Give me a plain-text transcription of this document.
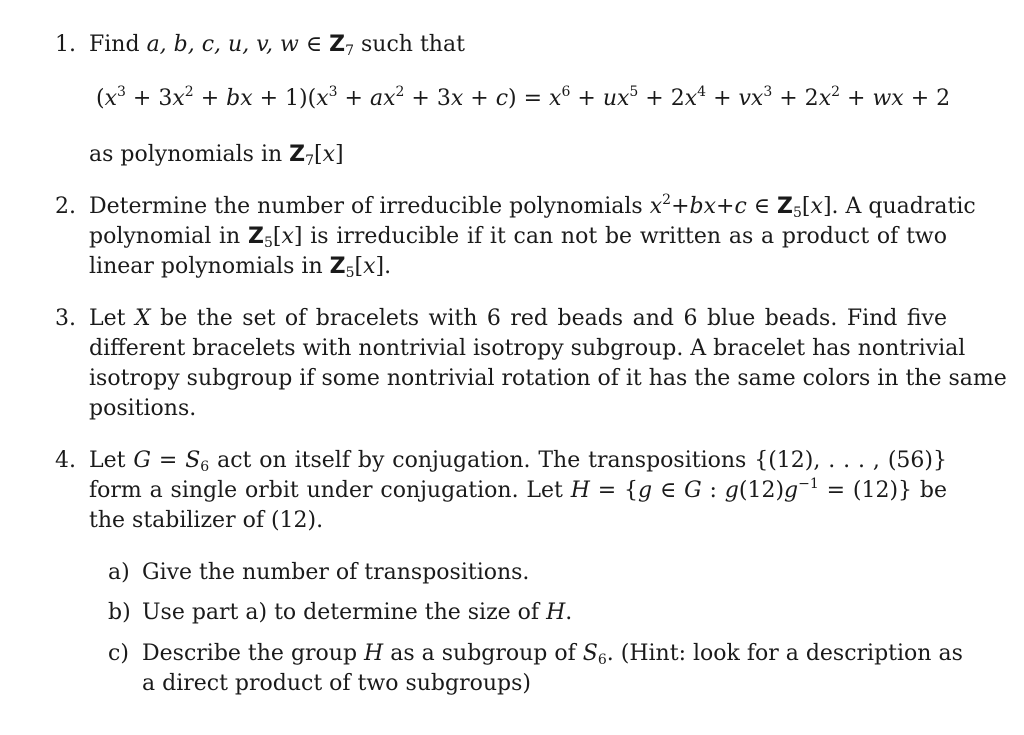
1. Find a, b, c, u, v, w ∈ $Z_7$ such that
($x^3 + 3x^2$ + bx + $1)(x^3 + ax^2 + 3x + c) = x^6 + ux^5 + 2x^4 + vx^3 + 2x^2$ + wx + 2
as polynomials in $Z_7[x]$
2. Determine the number of irreducible polynomials $x^2+bx+c$ ∈ $Z_5[x]$. A quadratic
polynomial in $Z_5[x]$ is irreducible if it can not be written as a product of two
linear polynomials in $Z_5[x]$.
3. Let X be the set of bracelets with 6 red beads and 6 blue beads. Find five
different bracelets with nontrivial isotropy subgroup. A bracelet has nontrivial
isotropy subgroup if some nontrivial rotation of it has the same colors in the same
positions.
4. Let $G = S_6$ act on itself by conjugation. The transpositions {(12), . . . , (56)}
form a single orbit under conjugation. Let H = {g ∈ G : $g(12)g^{-1} = (12)$} be
the stabilizer of (12).
a) Give the number of transpositions.
b) Use part a) to determine the size of H.
c) Describe the group H as a subgroup of $S_6$. (Hint: look for a description as
a direct product of two subgroups)
